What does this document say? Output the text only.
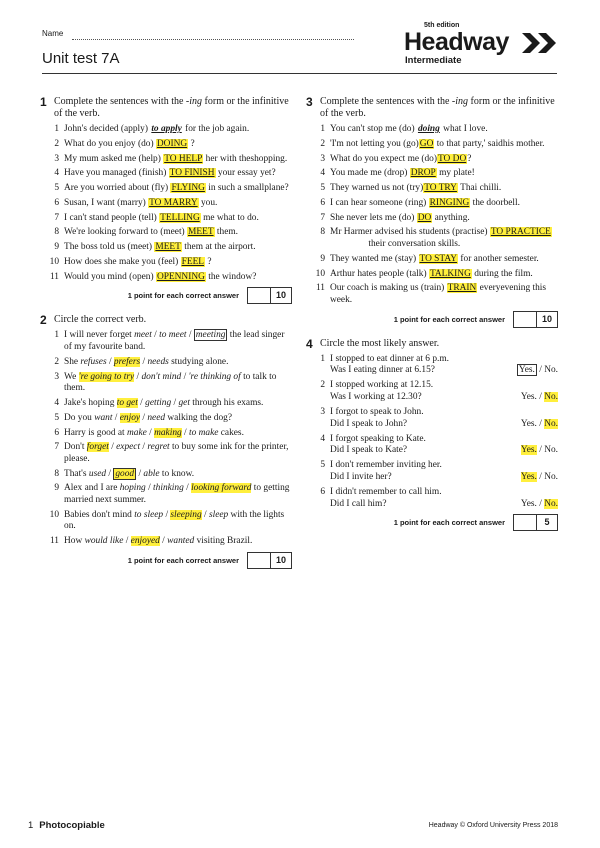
Name
Unit test 7A
5th edition
Headway
Intermediate
1 Complete the sentences with the -ing form or the infinitive of the verb.
1 John's decided (apply) to apply for the job again.
2 What do you enjoy (do) DOING ?
3 My mum asked me (help) TO HELP her with theshopping.
4 Have you managed (finish) TO FINISH your essay yet?
5 Are you worried about (fly) FLYING in such a smallplane?
6 Susan, I want (marry) TO MARRY you.
7 I can't stand people (tell) TELLING me what to do.
8 We're looking forward to (meet) MEET them.
9 The boss told us (meet) MEET them at the airport.
10 How does she make you (feel) FEEL ?
11 Would you mind (open) OPENNING the window?
1 point for each correct answer	10
2 Circle the correct verb.
1 I will never forget meet / to meet / meeting the lead singer of my favourite band.
2 She refuses / prefers / needs studying alone.
3 We 're going to try / don't mind / 're thinking of to talk to them.
4 Jake's hoping to get / getting / get through his exams.
5 Do you want / enjoy / need walking the dog?
6 Harry is good at make / making / to make cakes.
7 Don't forget / expect / regret to buy some ink for the printer, please.
8 That's used / good / able to know.
9 Alex and I are hoping / thinking / looking forward to getting married next summer.
10 Babies don't mind to sleep / sleeping / sleep with the lights on.
11 How would like / enjoyed / wanted visiting Brazil.
1 point for each correct answer	10
3 Complete the sentences with the -ing form or the infinitive of the verb.
1 You can't stop me (do) doing what I love.
2 'I'm not letting you (go)GO to that party,' saidhis mother.
3 What do you expect me (do)TO DO?
4 You made me (drop) DROP my plate!
5 They warned us not (try)TO TRY Thai chilli.
6 I can hear someone (ring) RINGING the doorbell.
7 She never lets me (do) DO anything.
8 Mr Harmer advised his students (practise) TO PRACTICE their conversation skills.
9 They wanted me (stay) TO STAY for another semester.
10 Arthur hates people (talk) TALKING during the film.
11 Our coach is making us (train) TRAIN everyevening this week.
1 point for each correct answer	10
4 Circle the most likely answer.
1 I stopped to eat dinner at 6 p.m.
Was I eating dinner at 6.15?	Yes. / No.
2 I stopped working at 12.15.
Was I working at 12.30?	Yes. / No.
3 I forgot to speak to John.
Did I speak to John?	Yes. / No.
4 I forgot speaking to Kate.
Did I speak to Kate?	Yes. / No.
5 I don't remember inviting her.
Did I invite her?	Yes. / No.
6 I didn't remember to call him.
Did I call him?	Yes. / No.
1 point for each correct answer	5
1 Photocopiable	Headway © Oxford University Press 2018
